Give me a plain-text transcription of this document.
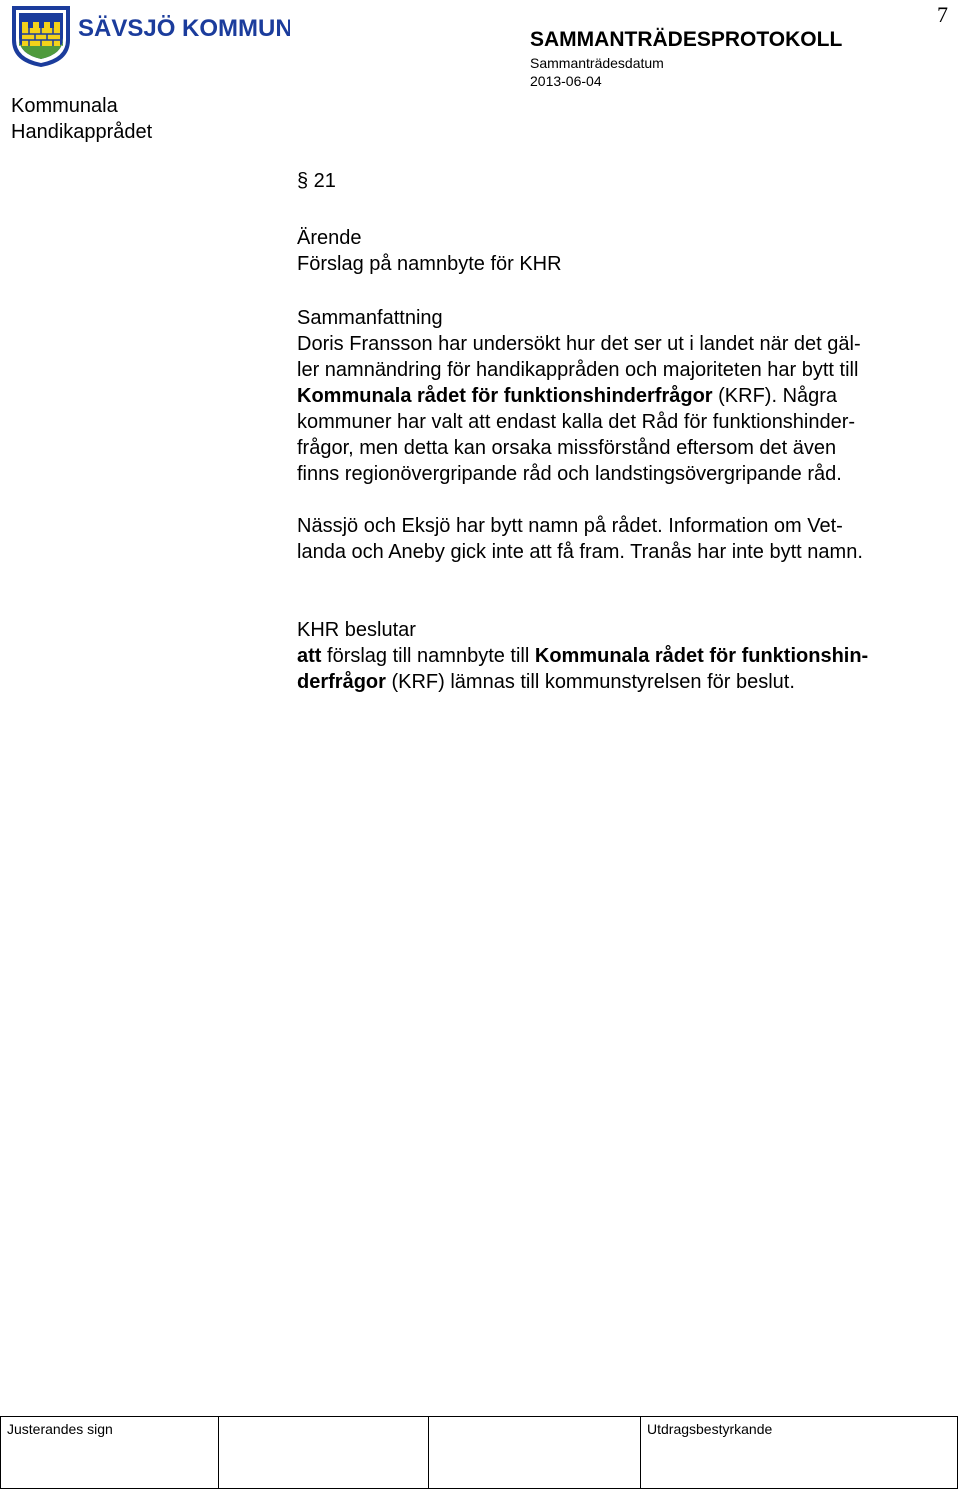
SÄVSJÖ KOMMUN
7
SAMMANTRÄDESPROTOKOLL
Sammanträdesdatum
2013-06-04
Kommunala
Handikapprådet
§ 21

Ärende

Förslag på namnbyte för KHR

Sammanfattning

Doris Fransson har undersökt hur det ser ut i landet när det gäl-

ler namnändring för handikappråden och majoriteten har bytt till

Kommunala rådet för funktionshinderfrågor (KRF). Några

kommuner har valt att endast kalla det Råd för funktionshinder-

frågor, men detta kan orsaka missförstånd eftersom det även

finns regionövergripande råd och landstingsövergripande råd.

Nässjö och Eksjö har bytt namn på rådet. Information om Vet-

landa och Aneby gick inte att få fram. Tranås har inte bytt namn.

KHR beslutar

att förslag till namnbyte till Kommunala rådet för funktionshin-

derfrågor (KRF) lämnas till kommunstyrelsen för beslut.

Justerandes sign			Utdragsbestyrkande
